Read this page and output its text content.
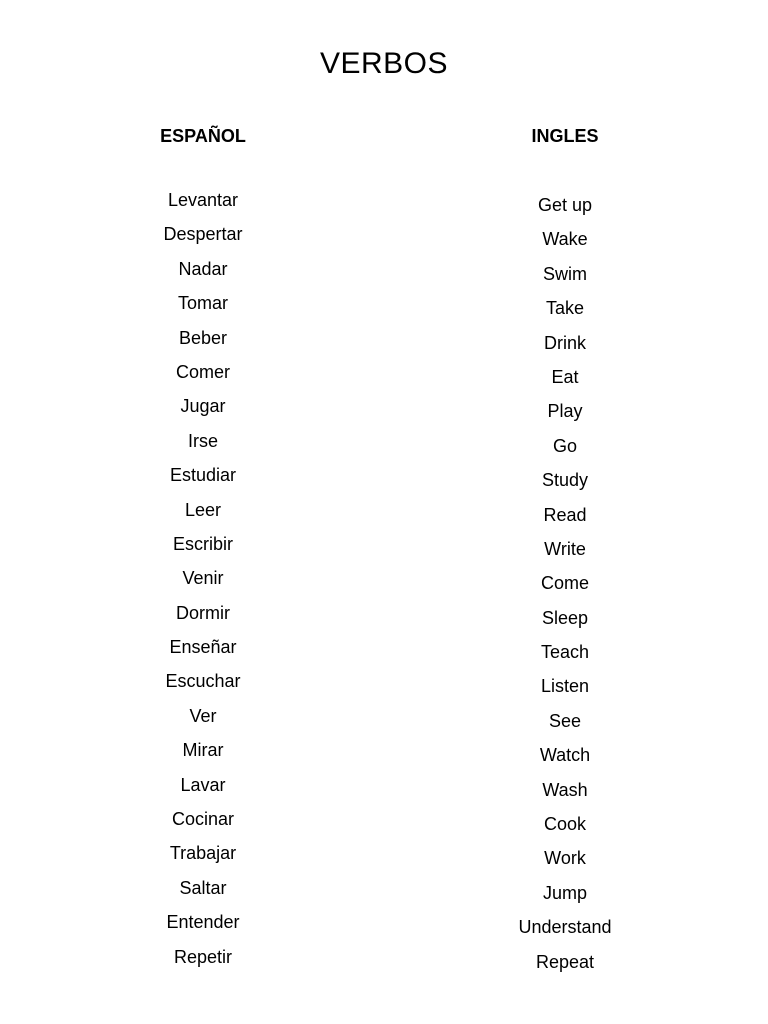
VERBOS
ESPAÑOL	INGLES
Levantar
Despertar
Nadar
Tomar
Beber
Comer
Jugar
Irse
Estudiar
Leer
Escribir
Venir
Dormir
Enseñar
Escuchar
Ver
Mirar
Lavar
Cocinar
Trabajar
Saltar
Entender
Repetir
Get up
Wake
Swim
Take
Drink
Eat
Play
Go
Study
Read
Write
Come
Sleep
Teach
Listen
See
Watch
Wash
Cook
Work
Jump
Understand
Repeat
